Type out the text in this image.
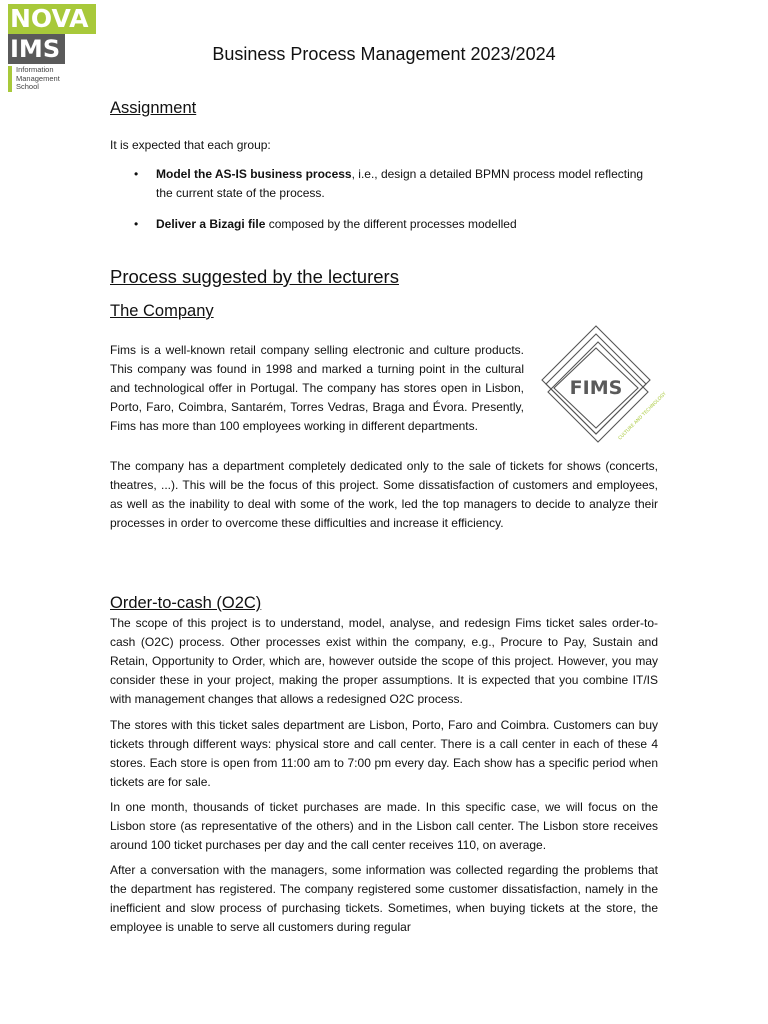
NOVA
IMS
Information
Management
School
Business Process Management 2023/2024
Assignment
It is expected that each group:
• Model the AS-IS business process, i.e., design a detailed BPMN process model reflecting the current state of the process.
• Deliver a Bizagi file composed by the different processes modelled
Process suggested by the lecturers
The Company

Fims is a well-known retail company selling electronic and culture products. This company was found in 1998 and marked a turning point in the cultural and technological offer in Portugal. The company has stores open in Lisbon, Porto, Faro, Coimbra, Santarém, Torres Vedras, Braga and Évora. Presently, Fims has more than 100 employees working in different departments.

FIMS
CULTURE AND TECHNOLOGY

The company has a department completely dedicated only to the sale of tickets for shows (concerts, theatres, ...). This will be the focus of this project. Some dissatisfaction of customers and employees, as well as the inability to deal with some of the work, led the top managers to decide to analyze their processes in order to overcome these difficulties and increase it efficiency.

Order-to-cash (O2C)

The scope of this project is to understand, model, analyse, and redesign Fims ticket sales order-to-cash (O2C) process. Other processes exist within the company, e.g., Procure to Pay, Sustain and Retain, Opportunity to Order, which are, however outside the scope of this project. However, you may consider these in your project, making the proper assumptions. It is expected that you combine IT/IS with management changes that allows a redesigned O2C process.

The stores with this ticket sales department are Lisbon, Porto, Faro and Coimbra. Customers can buy tickets through different ways: physical store and call center. There is a call center in each of these 4 stores. Each store is open from 11:00 am to 7:00 pm every day. Each show has a specific period when tickets are for sale.

In one month, thousands of ticket purchases are made. In this specific case, we will focus on the Lisbon store (as representative of the others) and in the Lisbon call center. The Lisbon store receives around 100 ticket purchases per day and the call center receives 110, on average.

After a conversation with the managers, some information was collected regarding the problems that the department has registered. The company registered some customer dissatisfaction, namely in the inefficient and slow process of purchasing tickets. Sometimes, when buying tickets at the store, the employee is unable to serve all customers during regular
